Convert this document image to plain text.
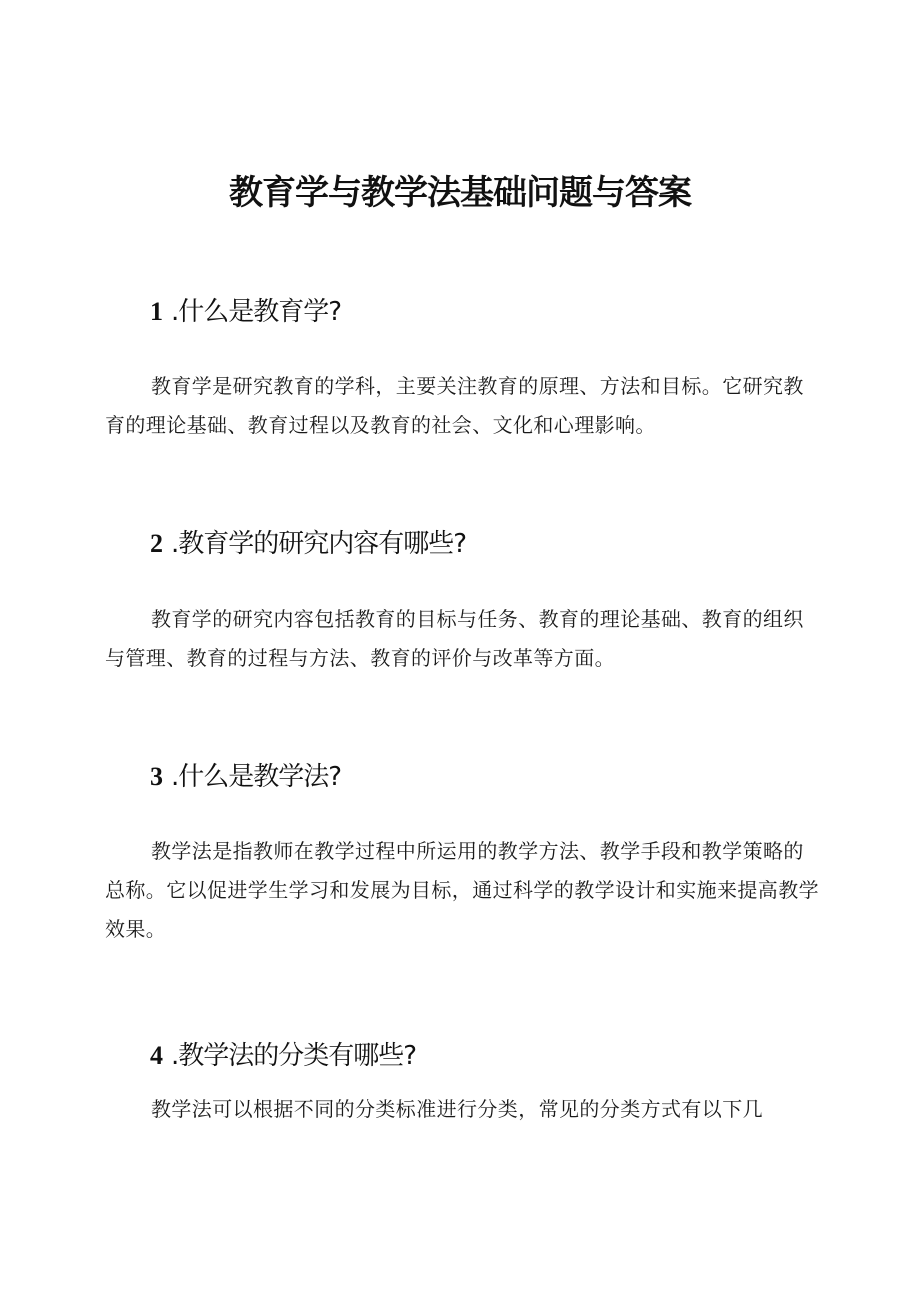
教育学与教学法基础问题与答案
1 .什么是教育学?

教育学是研究教育的学科，主要关注教育的原理、方法和目标。它研究教育的理论基础、教育过程以及教育的社会、文化和心理影响。

2 .教育学的研究内容有哪些?

教育学的研究内容包括教育的目标与任务、教育的理论基础、教育的组织与管理、教育的过程与方法、教育的评价与改革等方面。

3 .什么是教学法?

教学法是指教师在教学过程中所运用的教学方法、教学手段和教学策略的总称。它以促进学生学习和发展为目标，通过科学的教学设计和实施来提高教学效果。

4 .教学法的分类有哪些?

教学法可以根据不同的分类标准进行分类，常见的分类方式有以下几
